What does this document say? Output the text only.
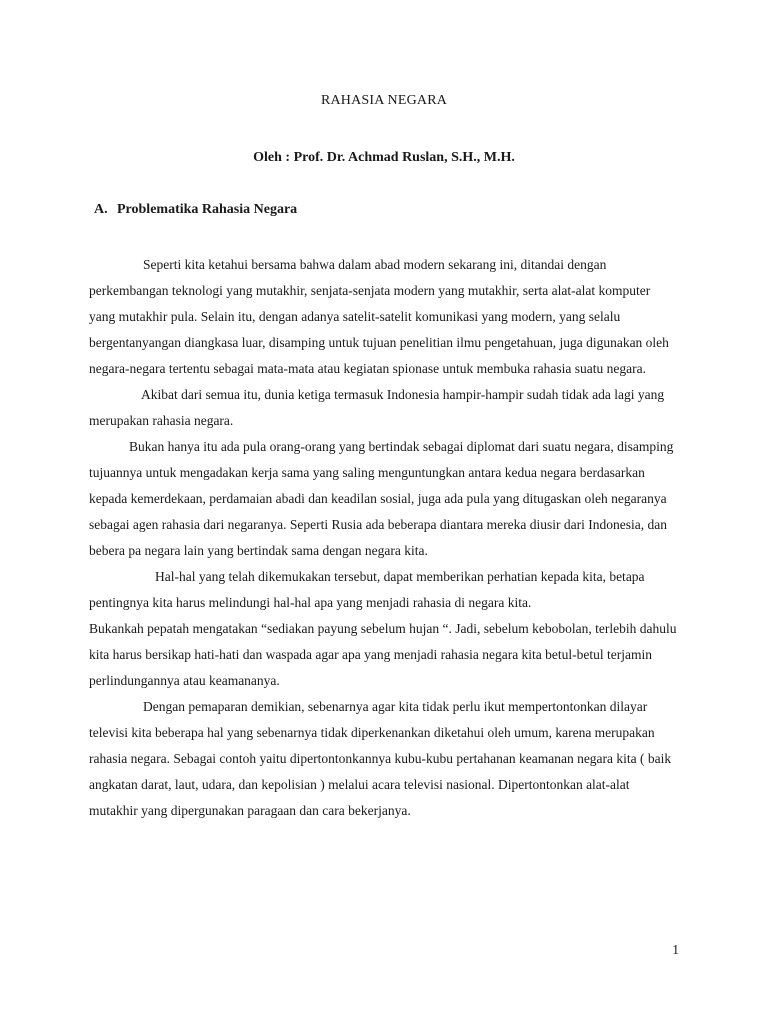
RAHASIA NEGARA
Oleh : Prof. Dr. Achmad Ruslan, S.H., M.H.
A. Problematika Rahasia Negara

Seperti kita ketahui bersama bahwa dalam abad modern sekarang ini, ditandai dengan perkembangan teknologi yang mutakhir, senjata-senjata modern yang mutakhir, serta alat-alat komputer yang mutakhir pula. Selain itu, dengan adanya satelit-satelit komunikasi yang modern, yang selalu bergentanyangan diangkasa luar, disamping untuk tujuan penelitian ilmu pengetahuan, juga digunakan oleh negara-negara tertentu sebagai mata-mata atau kegiatan spionase untuk membuka rahasia suatu negara.

Akibat dari semua itu, dunia ketiga termasuk Indonesia hampir-hampir sudah tidak ada lagi yang merupakan rahasia negara.

Bukan hanya itu ada pula orang-orang yang bertindak sebagai diplomat dari suatu negara, disamping tujuannya untuk mengadakan kerja sama yang saling menguntungkan antara kedua negara berdasarkan kepada kemerdekaan, perdamaian abadi dan keadilan sosial, juga ada pula yang ditugaskan oleh negaranya sebagai agen rahasia dari negaranya. Seperti Rusia ada beberapa diantara mereka diusir dari Indonesia, dan bebera pa negara lain yang bertindak sama dengan negara kita.

Hal-hal yang telah dikemukakan tersebut, dapat memberikan perhatian kepada kita, betapa pentingnya kita harus melindungi hal-hal apa yang menjadi rahasia di negara kita.

Bukankah pepatah mengatakan “sediakan payung sebelum hujan “. Jadi, sebelum kebobolan, terlebih dahulu kita harus bersikap hati-hati dan waspada agar apa yang menjadi rahasia negara kita betul-betul terjamin perlindungannya atau keamananya.

Dengan pemaparan demikian, sebenarnya agar kita tidak perlu ikut mempertontonkan dilayar televisi kita beberapa hal yang sebenarnya tidak diperkenankan diketahui oleh umum, karena merupakan rahasia negara. Sebagai contoh yaitu dipertontonkannya kubu-kubu pertahanan keamanan negara kita ( baik angkatan darat, laut, udara, dan kepolisian ) melalui acara televisi nasional. Dipertontonkan alat-alat mutakhir yang dipergunakan paragaan dan cara bekerjanya.

1
